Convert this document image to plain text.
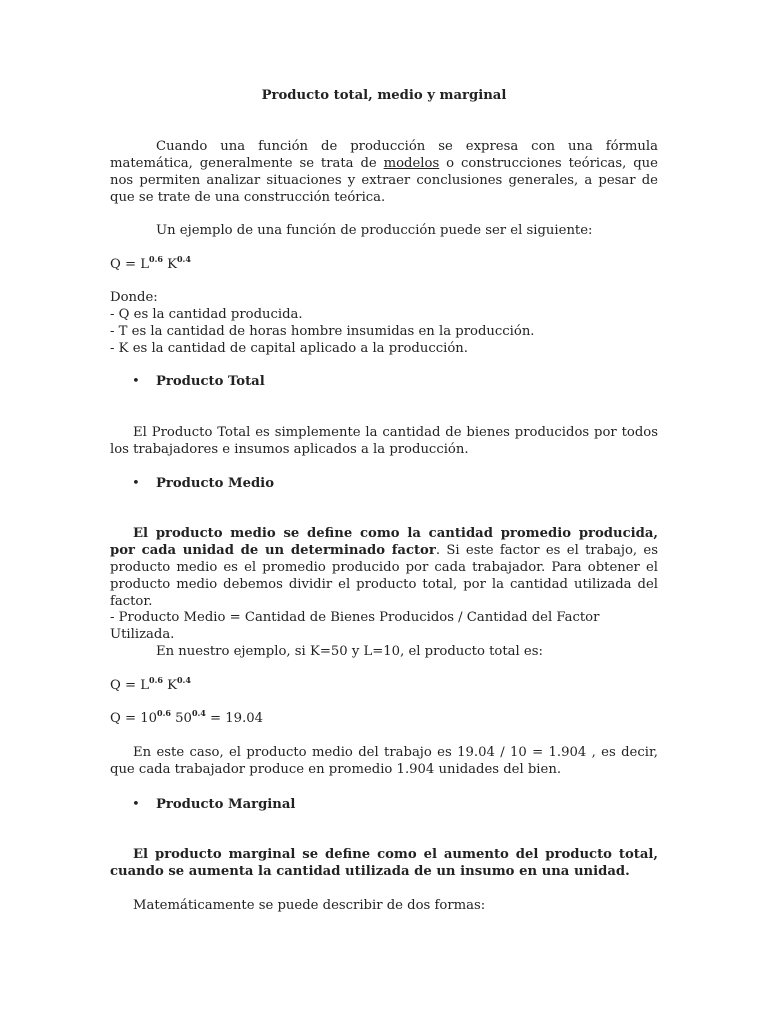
Producto total, medio y marginal

Cuando una función de producción se expresa con una fórmula matemática, generalmente se trata de modelos o construcciones teóricas, que nos permiten analizar situaciones y extraer conclusiones generales, a pesar de que se trate de una construcción teórica.

Un ejemplo de una función de producción puede ser el siguiente:

$Q = L^{0.6}$ $K^{0.4}$

Donde:
- Q es la cantidad producida.
- T es la cantidad de horas hombre insumidas en la producción.
- K es la cantidad de capital aplicado a la producción.
• Producto Total

El Producto Total es simplemente la cantidad de bienes producidos por todos los trabajadores e insumos aplicados a la producción.

• Producto Medio

El producto medio se define como la cantidad promedio producida, por cada unidad de un determinado factor. Si este factor es el trabajo, es producto medio es el promedio producido por cada trabajador. Para obtener el producto medio debemos dividir el producto total, por la cantidad utilizada del factor.

- Producto Medio = Cantidad de Bienes Producidos / Cantidad del Factor Utilizada.

En nuestro ejemplo, si K=50 y L=10, el producto total es:

$Q = L^{0.6}$ $K^{0.4}$

$Q = 10^{0.6}$ $50^{0.4} = 19.04$

En este caso, el producto medio del trabajo es 19.04 / 10 = 1.904 , es decir, que cada trabajador produce en promedio 1.904 unidades del bien.

• Producto Marginal

El producto marginal se define como el aumento del producto total, cuando se aumenta la cantidad utilizada de un insumo en una unidad.

Matemáticamente se puede describir de dos formas:
